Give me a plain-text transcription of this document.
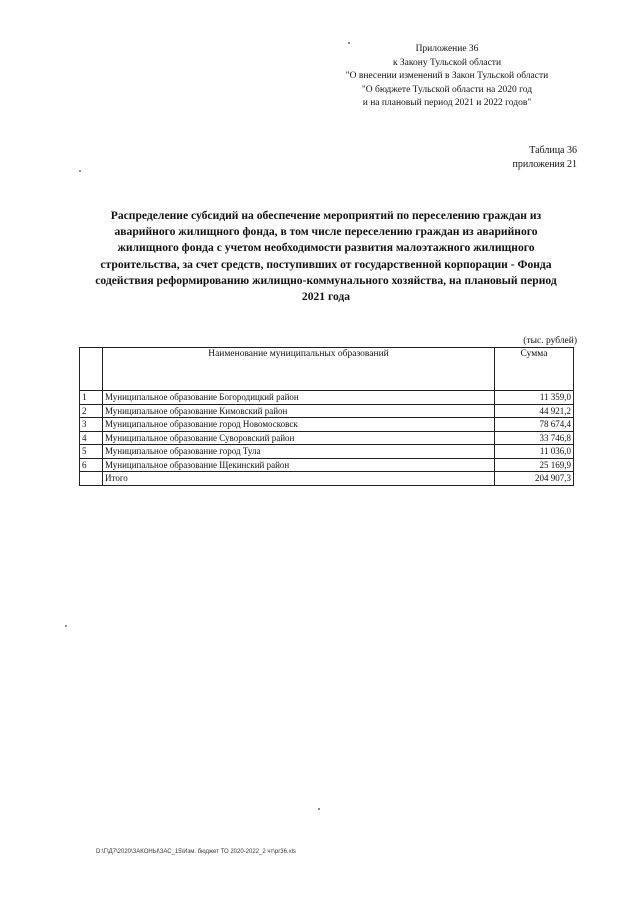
Приложение 36
к Закону Тульской области
"О внесении изменений в Закон Тульской области
"О бюджете Тульской области на 2020 год
и на плановый период 2021 и 2022 годов"
Таблица 36
приложения 21
Распределение субсидий на обеспечение мероприятий по переселению граждан из аварийного жилищного фонда, в том числе переселению граждан из аварийного жилищного фонда с учетом необходимости развития малоэтажного жилищного строительства, за счет средств, поступивших от государственной корпорации - Фонда содействия реформированию жилищно-коммунального хозяйства, на плановый период 2021 года
(тыс. рублей)
	Наименование муниципальных образований	Сумма
1	Муниципальное образование Богородицкий район	11 359,0
2	Муниципальное образование Кимовский район	44 921,2
3	Муниципальное образование город Новомосковск	78 674,4
4	Муниципальное образование Суворовский район	33 746,8
5	Муниципальное образование город Тула	11 036,0
6	Муниципальное образование Щекинский район	25 169,9
	Итого	204 907,3
D:\Г\Д7\2020\ЗАКОНЫ\ЗАС_15\Изм. бюджет ТО 2020-2022_2 чт\pr36.xls
